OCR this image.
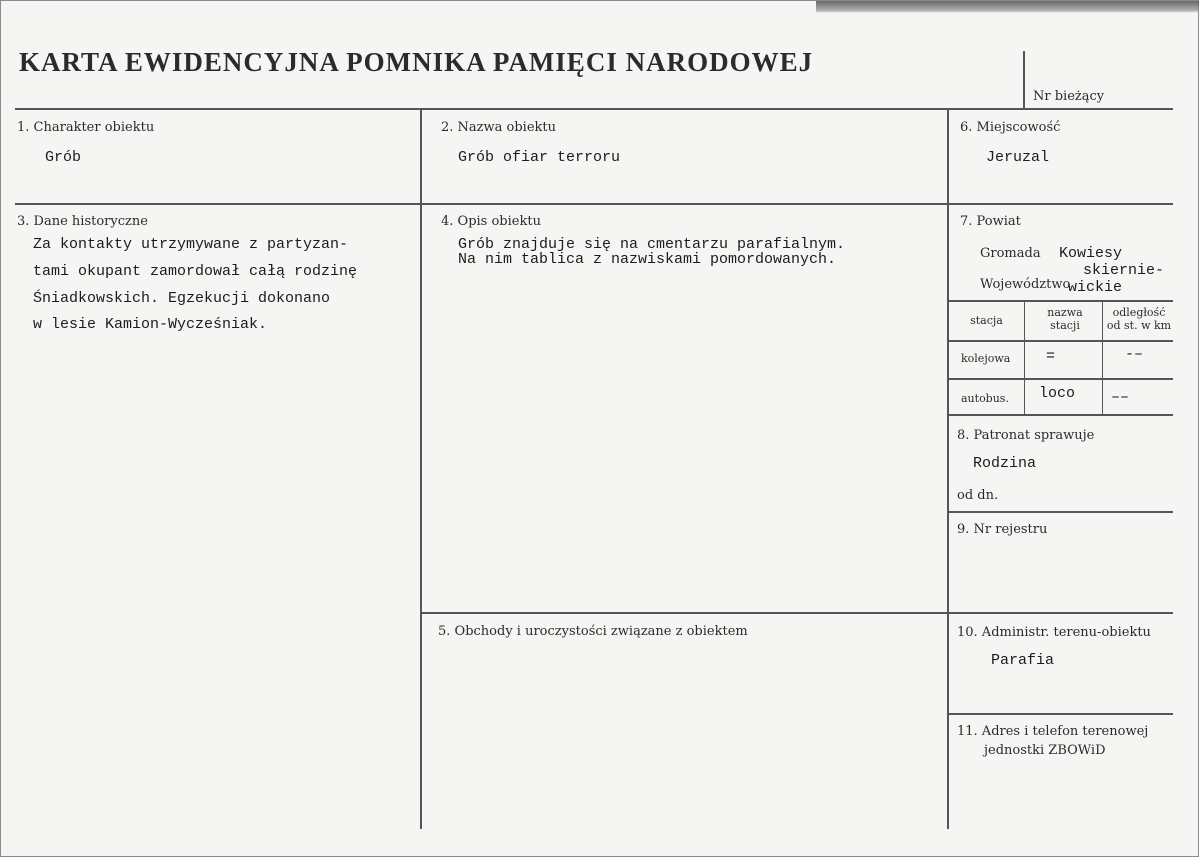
KARTA EWIDENCYJNA POMNIKA PAMIĘCI NARODOWEJ
Nr bieżący
1. Charakter obiektu
Grób
2. Nazwa obiektu
Grób ofiar terroru
6. Miejscowość
Jeruzal
3. Dane historyczne
Za kontakty utrzymywane z partyzan-
tami okupant zamordował całą rodzinę
Śniadkowskich. Egzekucji dokonano
w lesie Kamion-Wycześniak.
4. Opis obiektu
Grób znajduje się na cmentarzu parafialnym.
Na nim tablica z nazwiskami pomordowanych.
7. Powiat
Gromada Kowiesy
skiernie-
Województwo
wickie
stacja
nazwa stacji
odległość od st. w km
kolejowa =	-–
autobus. loco ––
8. Patronat sprawuje
Rodzina
od dn.
9. Nr rejestru
5. Obchody i uroczystości związane z obiektem	10. Administr. terenu-obiektu
Parafia
11. Adres i telefon terenowej
jednostki ZBOWiD
